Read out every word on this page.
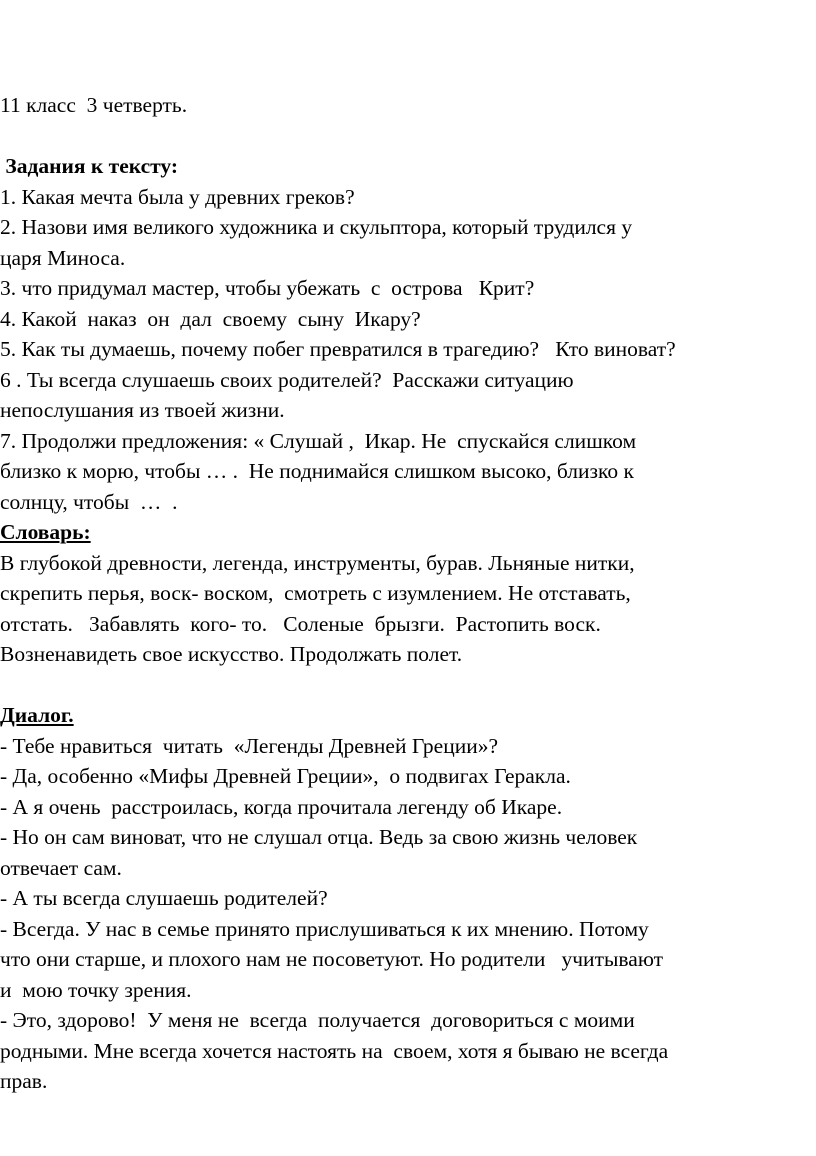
11 класс  3 четверть.
Задания к тексту:
1. Какая мечта была у древних греков?
2. Назови имя великого художника и скульптора, который трудился у
царя Миноса.
3. что придумал мастер, чтобы убежать  с  острова   Крит?
4. Какой  наказ  он  дал  своему  сыну  Икару?
5. Как ты думаешь, почему побег превратился в трагедию?   Кто виноват?
6 . Ты всегда слушаешь своих родителей?  Расскажи ситуацию
непослушания из твоей жизни.
7. Продолжи предложения: « Слушай ,  Икар. Не  спускайся слишком
близко к морю, чтобы … .  Не поднимайся слишком высоко, близко к
солнцу, чтобы  …  .
Словарь:
В глубокой древности, легенда, инструменты, бурав. Льняные нитки,
скрепить перья, воск- воском,  смотреть с изумлением. Не отставать,
отстать.   Забавлять  кого- то.   Соленые  брызги.  Растопить воск.
Возненавидеть свое искусство. Продолжать полет.
Диалог.
- Тебе нравиться  читать  «Легенды Древней Греции»?
- Да, особенно «Мифы Древней Греции»,  о подвигах Геракла.
- А я очень  расстроилась, когда прочитала легенду об Икаре.
- Но он сам виноват, что не слушал отца. Ведь за свою жизнь человек
отвечает сам.
- А ты всегда слушаешь родителей?
- Всегда. У нас в семье принято прислушиваться к их мнению. Потому
что они старше, и плохого нам не посоветуют. Но родители   учитывают
и  мою точку зрения.
- Это, здорово!  У меня не  всегда  получается  договориться с моими
родными. Мне всегда хочется настоять на  своем, хотя я бываю не всегда
прав.
